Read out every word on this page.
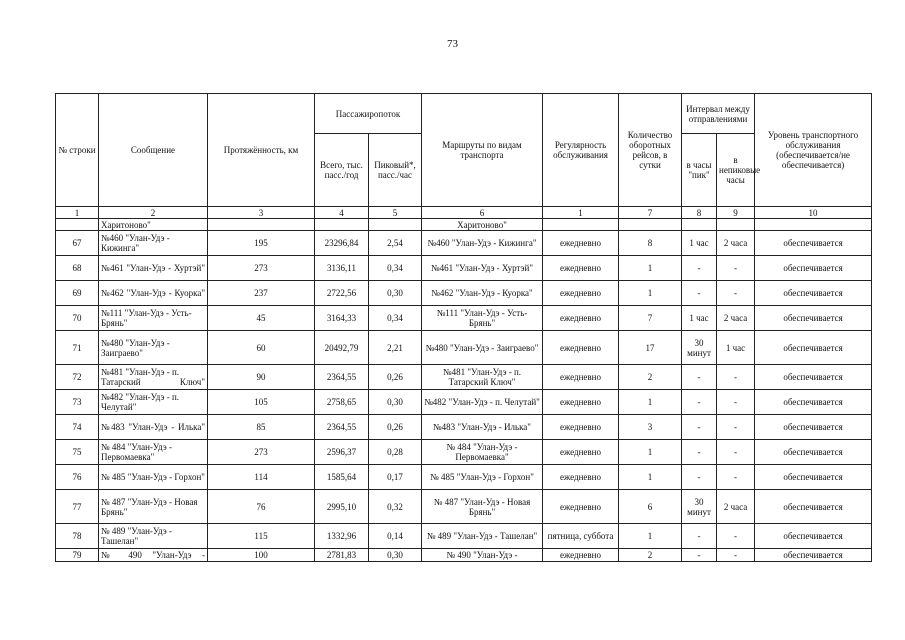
73
№ строки	Сообщение	Протяжённость, км	Пассажиропоток		Маршруты по видам транспорта	Регулярность обслуживания	Количество оборотных рейсов, в сутки	Интервал между отправлениями		Уровень транспортного обслуживания (обеспечивается/не обеспечивается)
			Всего, тыс. пасс./год	Пиковый*, пасс./час				в часы "пик"	в непиковые часы	
1	2	3	4	5	6	1	7	8	9	10
	Харитоново"				Харитоново"					
67	№460 "Улан-Удэ - Кижинга"	195	23296,84	2,54	№460 "Улан-Удэ - Кижинга"	ежедневно	8	1 час	2 часа	обеспечивается
68	№461 "Улан-Удэ - Хуртэй"	273	3136,11	0,34	№461 "Улан-Удэ - Хуртэй"	ежедневно	1	-	-	обеспечивается
69	№462 "Улан-Удэ - Куорка"	237	2722,56	0,30	№462 "Улан-Удэ - Куорка"	ежедневно	1	-	-	обеспечивается
70	№111 "Улан-Удэ - Усть-Брянь"	45	3164,33	0,34	№111 "Улан-Удэ - Усть-Брянь"	ежедневно	7	1 час	2 часа	обеспечивается
71	№480 "Улан-Удэ - Заиграево"	60	20492,79	2,21	№480 "Улан-Удэ - Заиграево"	ежедневно	17	30 минут	1 час	обеспечивается
72	№481 "Улан-Удэ - п. Татарский Ключ"	90	2364,55	0,26	№481 "Улан-Удэ - п. Татарский Ключ"	ежедневно	2	-	-	обеспечивается
73	№482 "Улан-Удэ - п. Челутай"	105	2758,65	0,30	№482 "Улан-Удэ - п. Челутай"	ежедневно	1	-	-	обеспечивается
74	№483 "Улан-Удэ - Илька"	85	2364,55	0,26	№483 "Улан-Удэ - Илька"	ежедневно	3	-	-	обеспечивается
75	№ 484 "Улан-Удэ - Первомаевка"	273	2596,37	0,28	№ 484 "Улан-Удэ - Первомаевка"	ежедневно	1	-	-	обеспечивается
76	№ 485 "Улан-Удэ - Горхон"	114	1585,64	0,17	№ 485 "Улан-Удэ - Горхон"	ежедневно	1	-	-	обеспечивается
77	№ 487 "Улан-Удэ - Новая Брянь"	76	2995,10	0,32	№ 487 "Улан-Удэ - Новая Брянь"	ежедневно	6	30 минут	2 часа	обеспечивается
78	№ 489 "Улан-Удэ - Ташелан"	115	1332,96	0,14	№ 489 "Улан-Удэ - Ташелан"	пятница, суббота	1	-	-	обеспечивается
79	№ 490 "Улан-Удэ -	100	2781,83	0,30	№ 490 "Улан-Удэ -	ежедневно	2	-	-	обеспечивается
